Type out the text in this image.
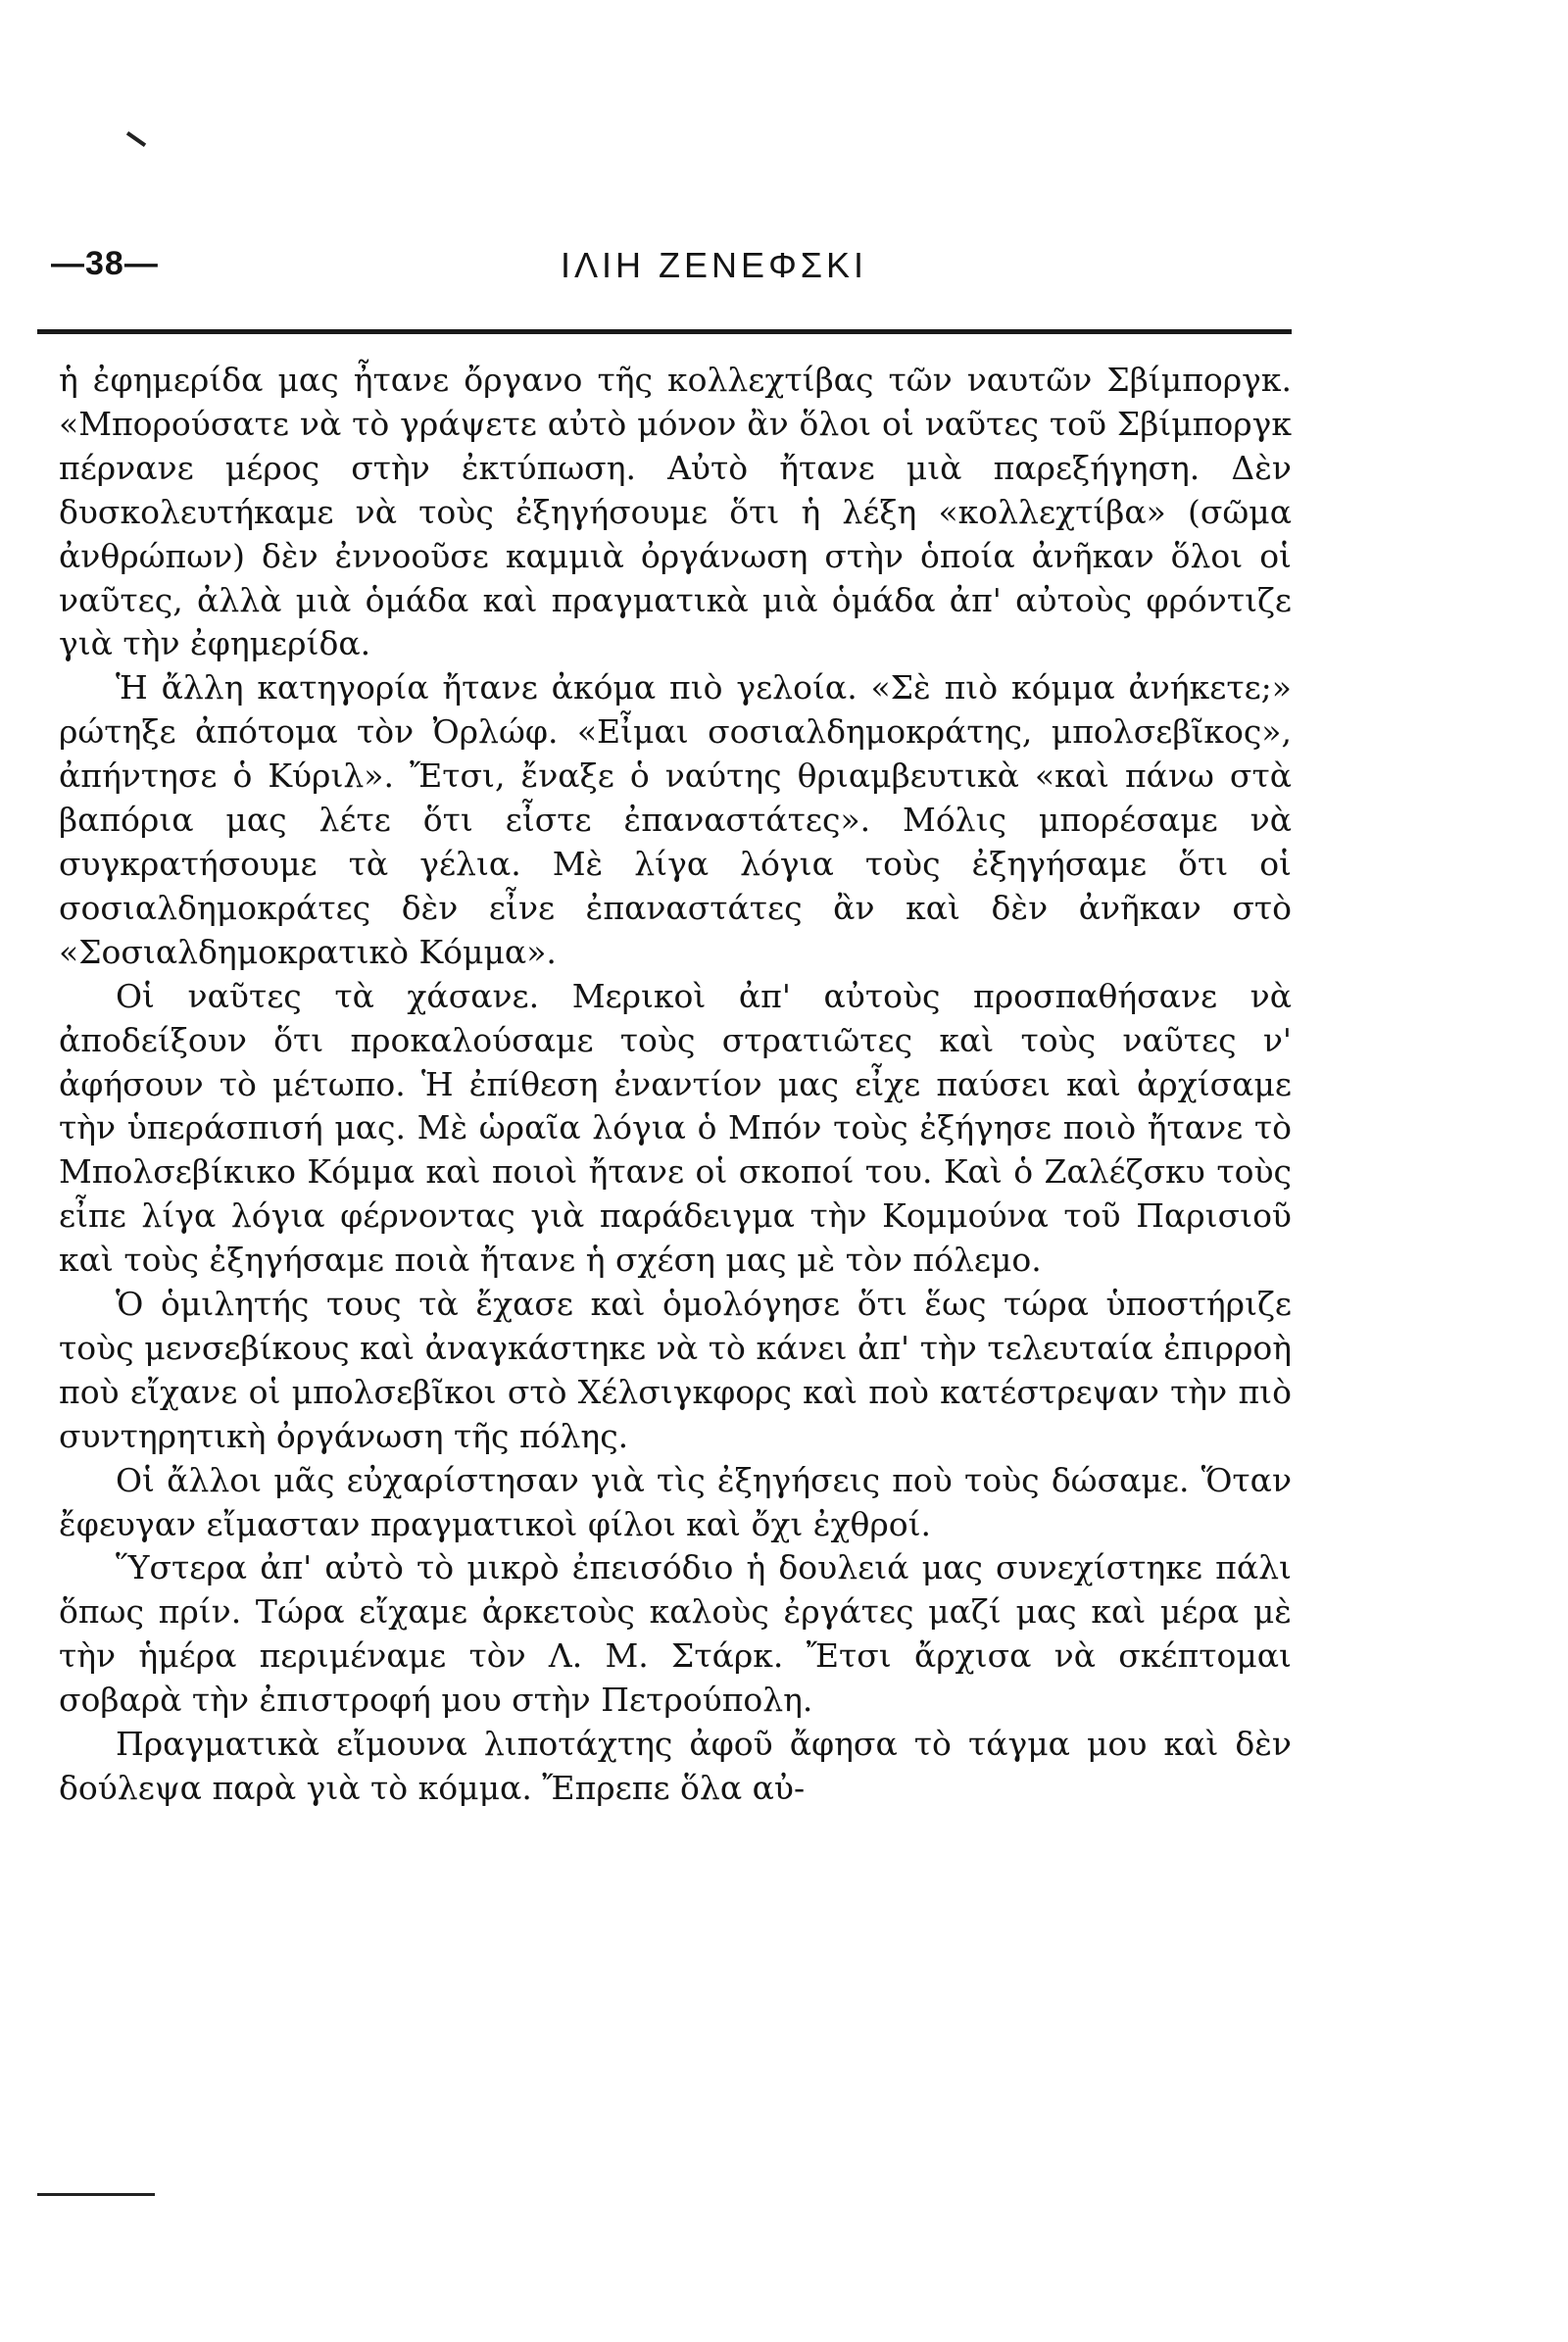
—38—	ΙΛΙΗ ΖΕΝΕΦΣΚΙ

ἡ ἐφημερίδα μας ἦτανε ὄργανο τῆς κολλεχτίβας τῶν ναυτῶν Σβίμποργκ. «Μπορούσατε νὰ τὸ γράψετε αὐτὸ μόνον ἂν ὅλοι οἱ ναῦτες τοῦ Σβίμποργκ πέρνανε μέρος στὴν ἐκτύπωση. Αὐτὸ ἤτανε μιὰ παρεξήγηση. Δὲν δυσκολευτήκαμε νὰ τοὺς ἐξηγήσουμε ὅτι ἡ λέξη «κολλεχτίβα» (σῶμα ἀνθρώπων) δὲν ἐννοοῦσε καμμιὰ ὀργάνωση στὴν ὁποία ἀνῆκαν ὅλοι οἱ ναῦτες, ἀλλὰ μιὰ ὁμάδα καὶ πραγματικὰ μιὰ ὁμάδα ἀπ' αὐτοὺς φρόντιζε γιὰ τὴν ἐφημερίδα.

Ἡ ἄλλη κατηγορία ἤτανε ἀκόμα πιὸ γελοία. «Σὲ πιὸ κόμμα ἀνήκετε;» ρώτηξε ἀπότομα τὸν Ὀρλώφ. «Εἶμαι σοσιαλδημοκράτης, μπολσεβῖκος», ἀπήντησε ὁ Κύριλ». Ἔτσι, ἔναξε ὁ ναύτης θριαμβευτικὰ «καὶ πάνω στὰ βαπόρια μας λέτε ὅτι εἶστε ἐπαναστάτες». Μόλις μπορέσαμε νὰ συγκρατήσουμε τὰ γέλια. Μὲ λίγα λόγια τοὺς ἐξηγήσαμε ὅτι οἱ σοσιαλδημοκράτες δὲν εἶνε ἐπαναστάτες ἂν καὶ δὲν ἀνῆκαν στὸ «Σοσιαλδημοκρατικὸ Κόμμα».

Οἱ ναῦτες τὰ χάσανε. Μερικοὶ ἀπ' αὐτοὺς προσπαθήσανε νὰ ἀποδείξουν ὅτι προκαλούσαμε τοὺς στρατιῶτες καὶ τοὺς ναῦτες ν' ἀφήσουν τὸ μέτωπο. Ἡ ἐπίθεση ἐναντίον μας εἶχε παύσει καὶ ἀρχίσαμε τὴν ὑπεράσπισή μας. Μὲ ὡραῖα λόγια ὁ Μπόν τοὺς ἐξήγησε ποιὸ ἤτανε τὸ Μπολσεβίκικο Κόμμα καὶ ποιοὶ ἤτανε οἱ σκοποί του. Καὶ ὁ Ζαλέζσκυ τοὺς εἶπε λίγα λόγια φέρνοντας γιὰ παράδειγμα τὴν Κομμούνα τοῦ Παρισιοῦ καὶ τοὺς ἐξηγήσαμε ποιὰ ἤτανε ἡ σχέση μας μὲ τὸν πόλεμο.

Ὁ ὁμιλητής τους τὰ ἔχασε καὶ ὁμολόγησε ὅτι ἕως τώρα ὑποστήριζε τοὺς μενσεβίκους καὶ ἀναγκάστηκε νὰ τὸ κάνει ἀπ' τὴν τελευταία ἐπιρροὴ ποὺ εἴχανε οἱ μπολσεβῖκοι στὸ Χέλσιγκφορς καὶ ποὺ κατέστρεψαν τὴν πιὸ συντηρητικὴ ὀργάνωση τῆς πόλης.

Οἱ ἄλλοι μᾶς εὐχαρίστησαν γιὰ τὶς ἐξηγήσεις ποὺ τοὺς δώσαμε. Ὅταν ἔφευγαν εἴμασταν πραγματικοὶ φίλοι καὶ ὄχι ἐχθροί.

Ὕστερα ἀπ' αὐτὸ τὸ μικρὸ ἐπεισόδιο ἡ δουλειά μας συνεχίστηκε πάλι ὅπως πρίν. Τώρα εἴχαμε ἀρκετοὺς καλοὺς ἐργάτες μαζί μας καὶ μέρα μὲ τὴν ἡμέρα περιμέναμε τὸν Λ. Μ. Στάρκ. Ἔτσι ἄρχισα νὰ σκέπτομαι σοβαρὰ τὴν ἐπιστροφή μου στὴν Πετρούπολη.

Πραγματικὰ εἴμουνα λιποτάχτης ἀφοῦ ἄφησα τὸ τάγμα μου καὶ δὲν δούλεψα παρὰ γιὰ τὸ κόμμα. Ἔπρεπε ὅλα αὐ-
